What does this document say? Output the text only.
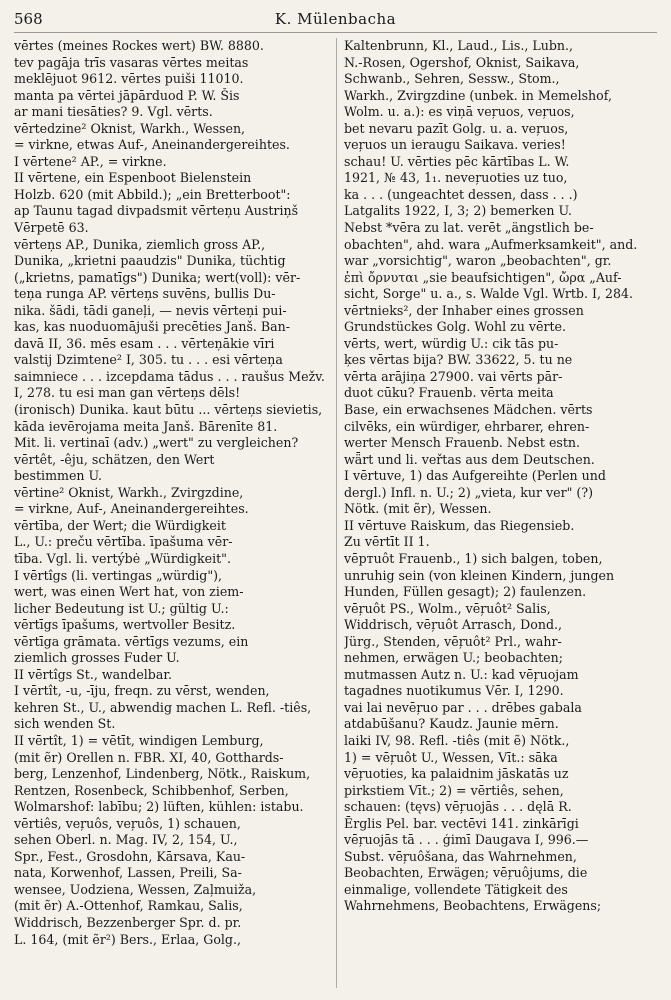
568	K. Mülenbacha
vērtes (meines Rockes wert) BW. 8880.
tev pagāja trīs vasaras vērtes meitas
meklējuot 9612. vērtes puiši 11010.
manta pa vērtei jāpārduod P. W. Šis
ar mani tiesāties? 9. Vgl. vērts.
vērtedzine² Oknist, Warkh., Wessen,
= virkne, etwas Auf-, Aneinandergereihtes.
I vērtene² AP., = virkne.
II vērtene, ein Espenboot Bielenstein
Holzb. 620 (mit Abbild.); „ein Bretterboot":
ap Taunu tagad divpadsmit vērteņu Austriņš
Vērpetē 63.
vērteņs AP., Dunika, ziemlich gross AP.,
Dunika, „krietni paaudzis" Dunika, tüchtig
(„krietns, pamatīgs") Dunika; wert(voll): vēr-
teņa runga AP. vērteņs suvēns, bullis Du-
nika. šādi, tādi ganeļi, — nevis vērteņi pui-
kas, kas nuoduomājuši precēties Janš. Ban-
davā II, 36. mēs esam . . . vērteņākie vīri
valstij Dzimtene² I, 305. tu . . . esi vērteņa
saimniece . . . izcepdama tādus . . . raušus Mežv.
I, 278. tu esi man gan vērteņs dēls!
(ironisch) Dunika. kaut būtu ... vērteņs sievietis,
kāda ievērojama meita Janš. Bārenīte 81.
Mit. li. vertinaī (adv.) „wert" zu vergleichen?
vērtêt, -êju, schätzen, den Wert
bestimmen U.
vērtine² Oknist, Warkh., Zvirgzdine,
= virkne, Auf-, Aneinandergereihtes.
vērtība, der Wert; die Würdigkeit
L., U.: preču vērtība. īpašuma vēr-
tība. Vgl. li. vertýbė „Würdigkeit".
I vērtîgs (li. vertingas „würdig"),
wert, was einen Wert hat, von ziem-
licher Bedeutung ist U.; gültig U.:
vērtīgs īpašums, wertvoller Besitz.
vērtīga grāmata. vērtīgs vezums, ein
ziemlich grosses Fuder U.
II vērtîgs St., wandelbar.
I vērtît, -u, -īju, freqn. zu vērst, wenden,
kehren St., U., abwendig machen L. Refl. -tiês,
sich wenden St.
II vērtît, 1) = vētīt, windigen Lemburg,
(mit ẽr) Orellen n. FBR. XI, 40, Gotthards-
berg, Lenzenhof, Lindenberg, Nötk., Raiskum,
Rentzen, Rosenbeck, Schibbenhof, Serben,
Wolmarshof: labību; 2) lüften, kühlen: istabu.
vērtiês, veŗuôs, veŗuôs, 1) schauen,
sehen Oberl. n. Mag. IV, 2, 154, U.,
Spr., Fest., Grosdohn, Kārsava, Kau-
nata, Korwenhof, Lassen, Preili, Sa-
wensee, Uodziena, Wessen, Zaļmuiža,
(mit ẽr) A.-Ottenhof, Ramkau, Salis,
Widdrisch, Bezzenberger Spr. d. pr.
L. 164, (mit ẽr²) Bers., Erlaa, Golg.,
Kaltenbrunn, Kl., Laud., Lis., Lubn.,
N.-Rosen, Ogershof, Oknist, Saikava,
Schwanb., Sehren, Sessw., Stom.,
Warkh., Zvirgzdine (unbek. in Memelshof,
Wolm. u. a.): es viņā veŗuos, veŗuos,
bet nevaru pazīt Golg. u. a. veŗuos,
veŗuos un ieraugu Saikava. veries!
schau! U. vērties pēc kārtības L. W.
1921, № 43, 1₁. neveŗuoties uz tuo,
ka . . . (ungeachtet dessen, dass . . .)
Latgalits 1922, I, 3; 2) bemerken U.
Nebst *vēra zu lat. verēt „ängstlich be-
obachten", ahd. wara „Aufmerksamkeit", and.
war „vorsichtig", waron „beobachten", gr.
ἐπὶ ὄρνυται „sie beaufsichtigen", ὤρα „Auf-
sicht, Sorge" u. a., s. Walde Vgl. Wrtb. I, 284.
vērtnieks², der Inhaber eines grossen
Grundstückes Golg. Wohl zu vērte.
vērts, wert, würdig U.: cik tās pu-
ķes vērtas bija? BW. 33622, 5. tu ne
vērta arājiņa 27900. vai vērts pār-
duot cūku? Frauenb. vērta meita
Base, ein erwachsenes Mädchen. vērts
cilvēks, ein würdiger, ehrbarer, ehren-
werter Mensch Frauenb. Nebst estn.
wǟrt und li. veřtas aus dem Deutschen.
I vērtuve, 1) das Aufgereihte (Perlen und
dergl.) Infl. n. U.; 2) „vieta, kur ver" (?)
Nötk. (mit ẽr), Wessen.
II vērtuve Raiskum, das Riegensieb.
Zu vērtīt II 1.
vēртuôt Frauenb., 1) sich balgen, toben,
unruhig sein (von kleinen Kindern, jungen
Hunden, Füllen gesagt); 2) faulenzen.
vēŗuôt PS., Wolm., vēŗuôt² Salis,
Widdrisch, vēŗuôt Arrasch, Dond.,
Jürg., Stenden, vēŗuôt² Prl., wahr-
nehmen, erwägen U.; beobachten;
mutmassen Autz n. U.: kad vēŗuojam
tagadnes nuotikumus Vēr. I, 1290.
vai lai nevēŗuo par . . . drēbes gabala
atdabūšanu? Kaudz. Jaunie mērn.
laiki IV, 98. Refl. -tiês (mit ẽ) Nötk.,
1) = vēŗuôt U., Wessen, Vīt.: sāka
vēŗuoties, ka palaidnim jāskatās uz
pirkstiem Vīt.; 2) = vērtiês, sehen,
schauen: (tęvs) vēŗuojās . . . dęlā R.
Ērglis Pel. bar. vectēvi 141. zinkārīgi
vēŗuojās tā . . . ģimī Daugava I, 996.—
Subst. vēŗuôšana, das Wahrnehmen,
Beobachten, Erwägen; vēŗuôjums, die
einmalige, vollendete Tätigkeit des
Wahrnehmens, Beobachtens, Erwägens;
